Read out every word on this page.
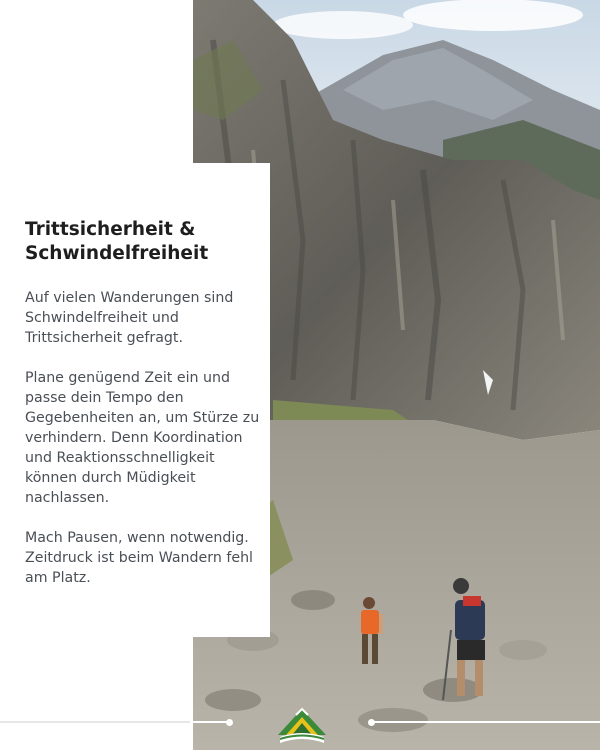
Trittsicherheit & Schwindelfreiheit

Auf vielen Wanderungen sind Schwindelfreiheit und Trittsicherheit gefragt.

Plane genügend Zeit ein und passe dein Tempo den Gegebenheiten an, um Stürze zu verhindern. Denn Koordination und Reaktionsschnelligkeit können durch Müdigkeit nachlassen.

Mach Pausen, wenn notwendig. Zeitdruck ist beim Wandern fehl am Platz.
